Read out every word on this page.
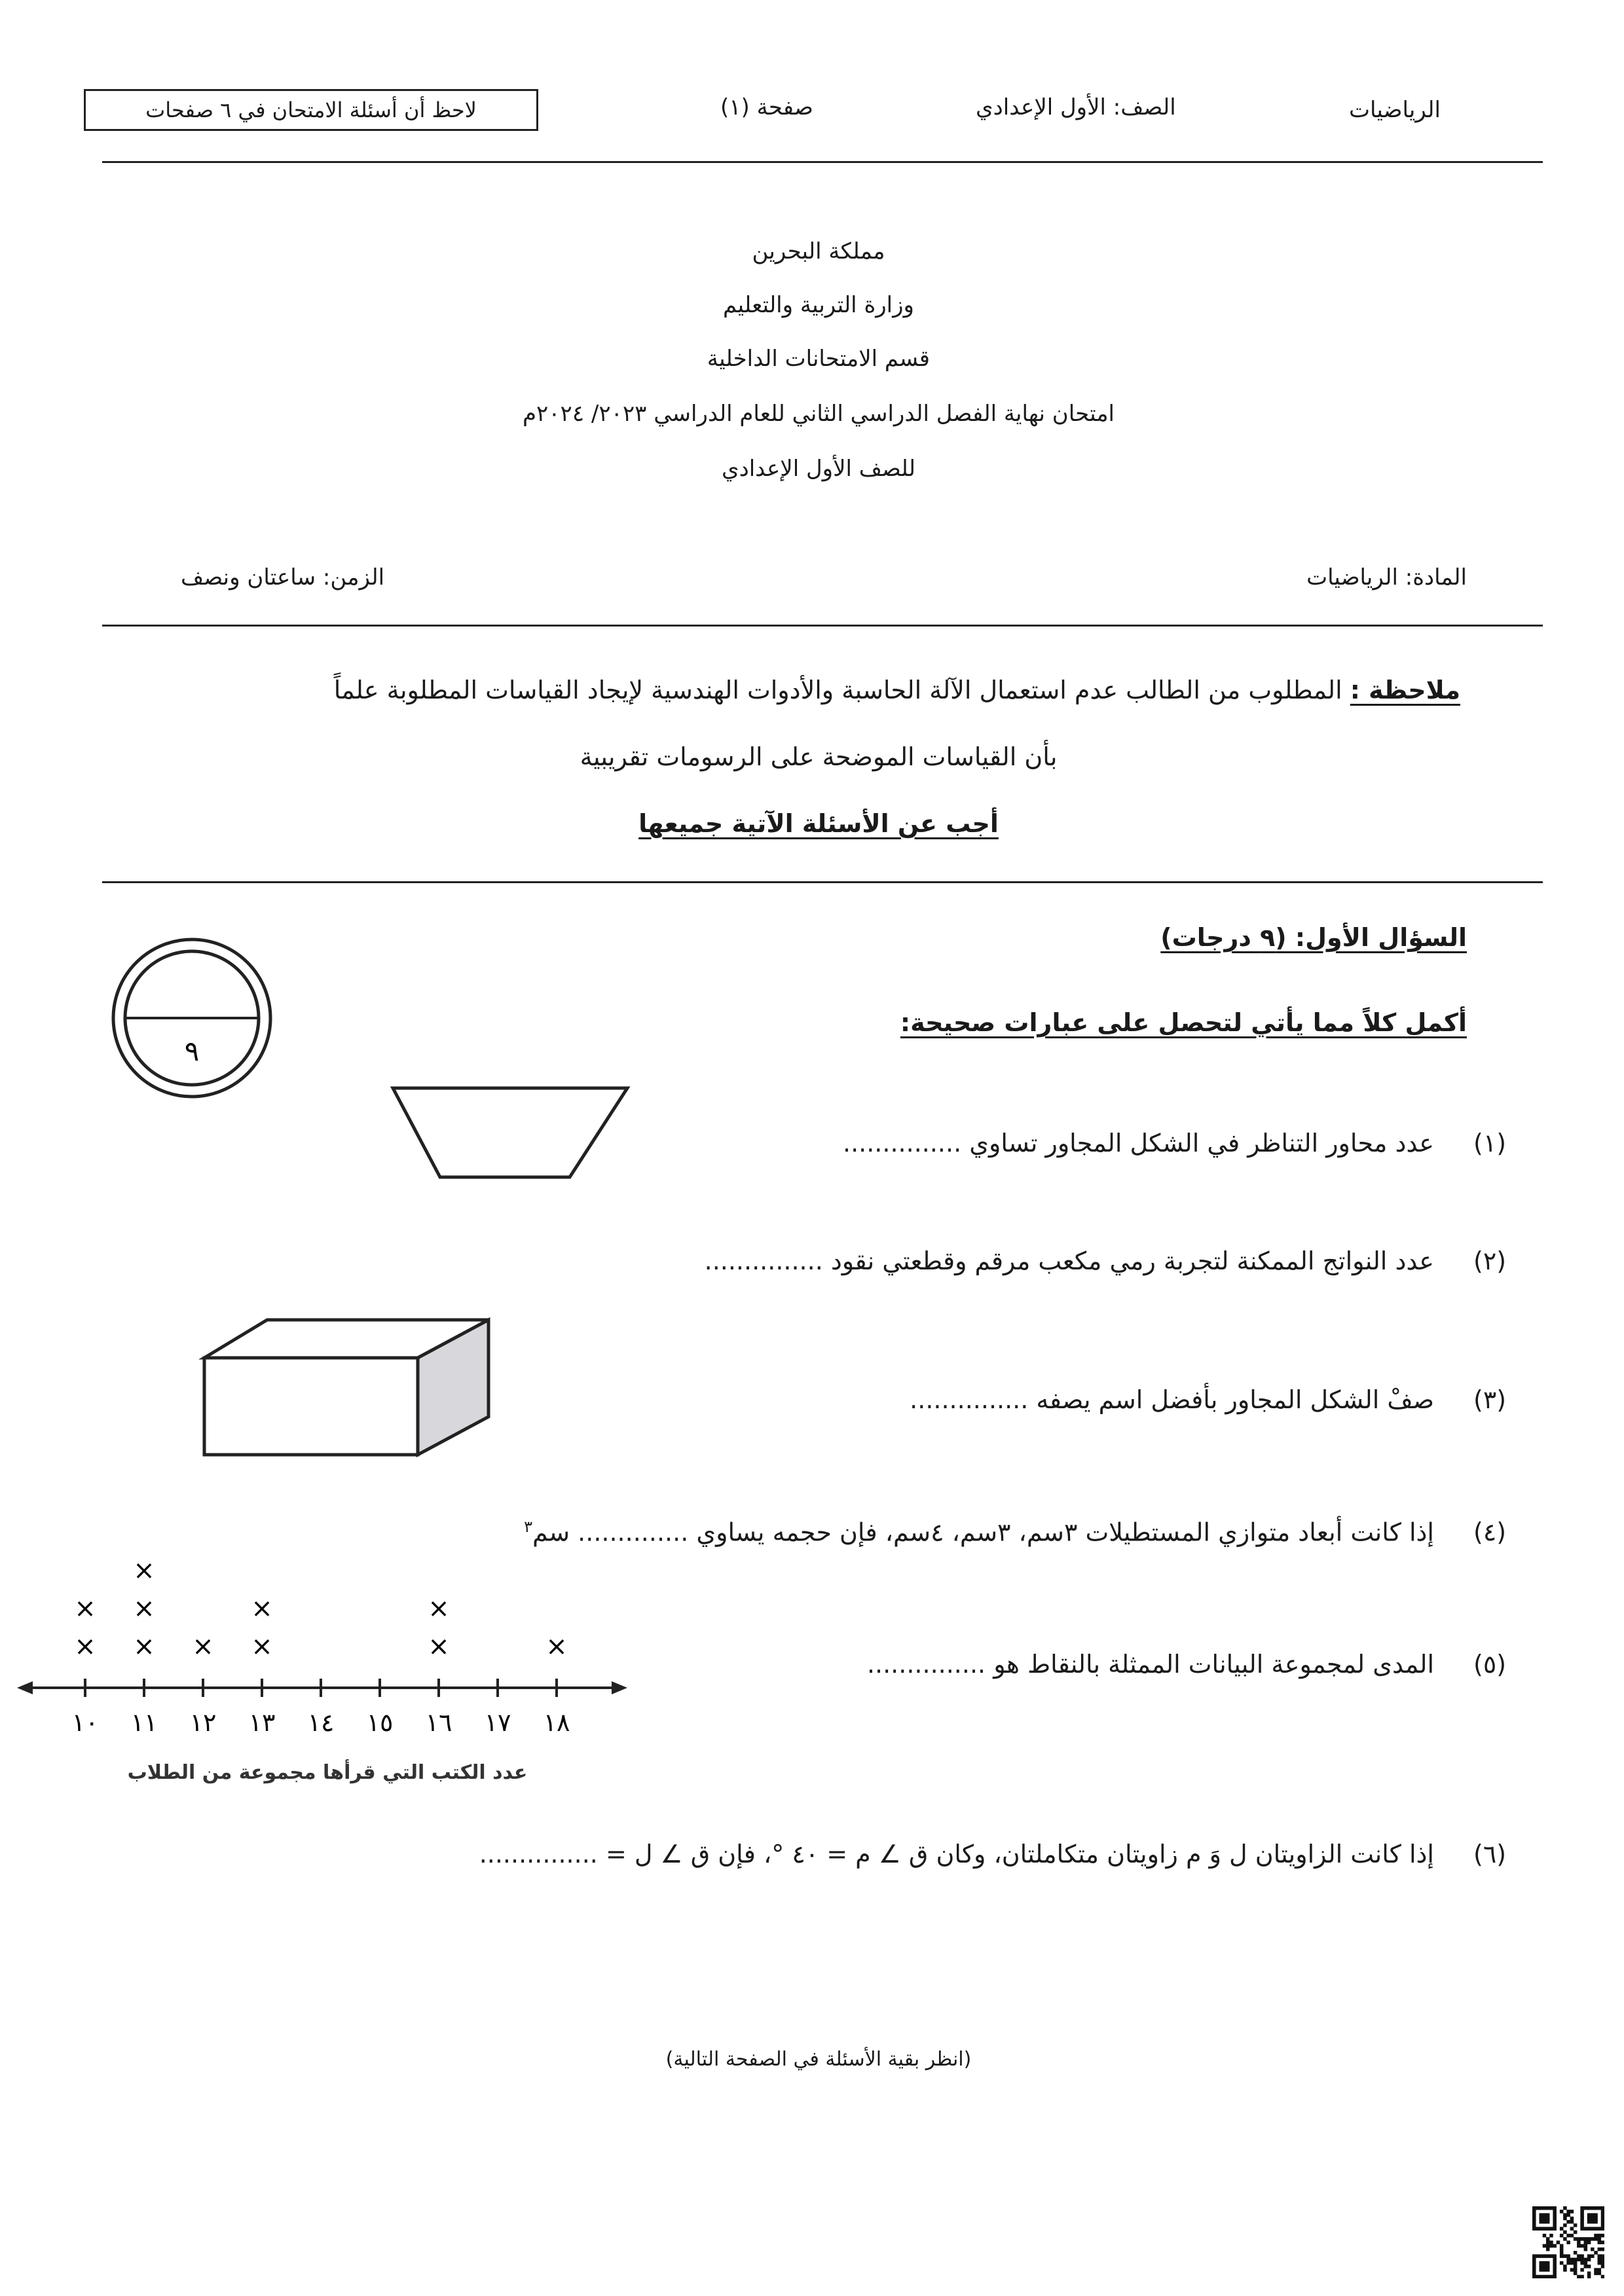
الرياضيات
الصف: الأول الإعدادي
صفحة (١)
لاحظ أن أسئلة الامتحان في ٦ صفحات
مملكة البحرين
وزارة التربية والتعليم
قسم الامتحانات الداخلية
امتحان نهاية الفصل الدراسي الثاني للعام الدراسي ٢٠٢٣/ ٢٠٢٤م
للصف الأول الإعدادي
المادة: الرياضيات
الزمن: ساعتان ونصف
ملاحظة : المطلوب من الطالب عدم استعمال الآلة الحاسبة والأدوات الهندسية لإيجاد القياسات المطلوبة علماً
بأن القياسات الموضحة على الرسومات تقريبية
أجب عن الأسئلة الآتية جميعها
السؤال الأول: (٩ درجات)
أكمل كلاً مما يأتي لتحصل على عبارات صحيحة:
٩
(١)
عدد محاور التناظر في الشكل المجاور تساوي ...............
(٢)
عدد النواتج الممكنة لتجربة رمي مكعب مرقم وقطعتي نقود ...............
(٣)
صفْ الشكل المجاور بأفضل اسم يصفه ...............
(٤)
إذا كانت أبعاد متوازي المستطيلات ٣سم، ٣سم، ٤سم، فإن حجمه يساوي .............. سم$^٣$
١٠ ١١ ١٢ ١٣ ١٤ ١٥ ١٦ ١٧ ١٨
×
×
×
×
×
× ×
×
×
×
×
عدد الكتب التي قرأها مجموعة من الطلاب
(٥)
المدى لمجموعة البيانات الممثلة بالنقاط هو ...............
(٦)
إذا كانت الزاويتان ل وَ م زاويتان متكاملتان، وكان ق ∠ م = ٤٠ °، فإن ق ∠ ل = ...............
(انظر بقية الأسئلة في الصفحة التالية)
